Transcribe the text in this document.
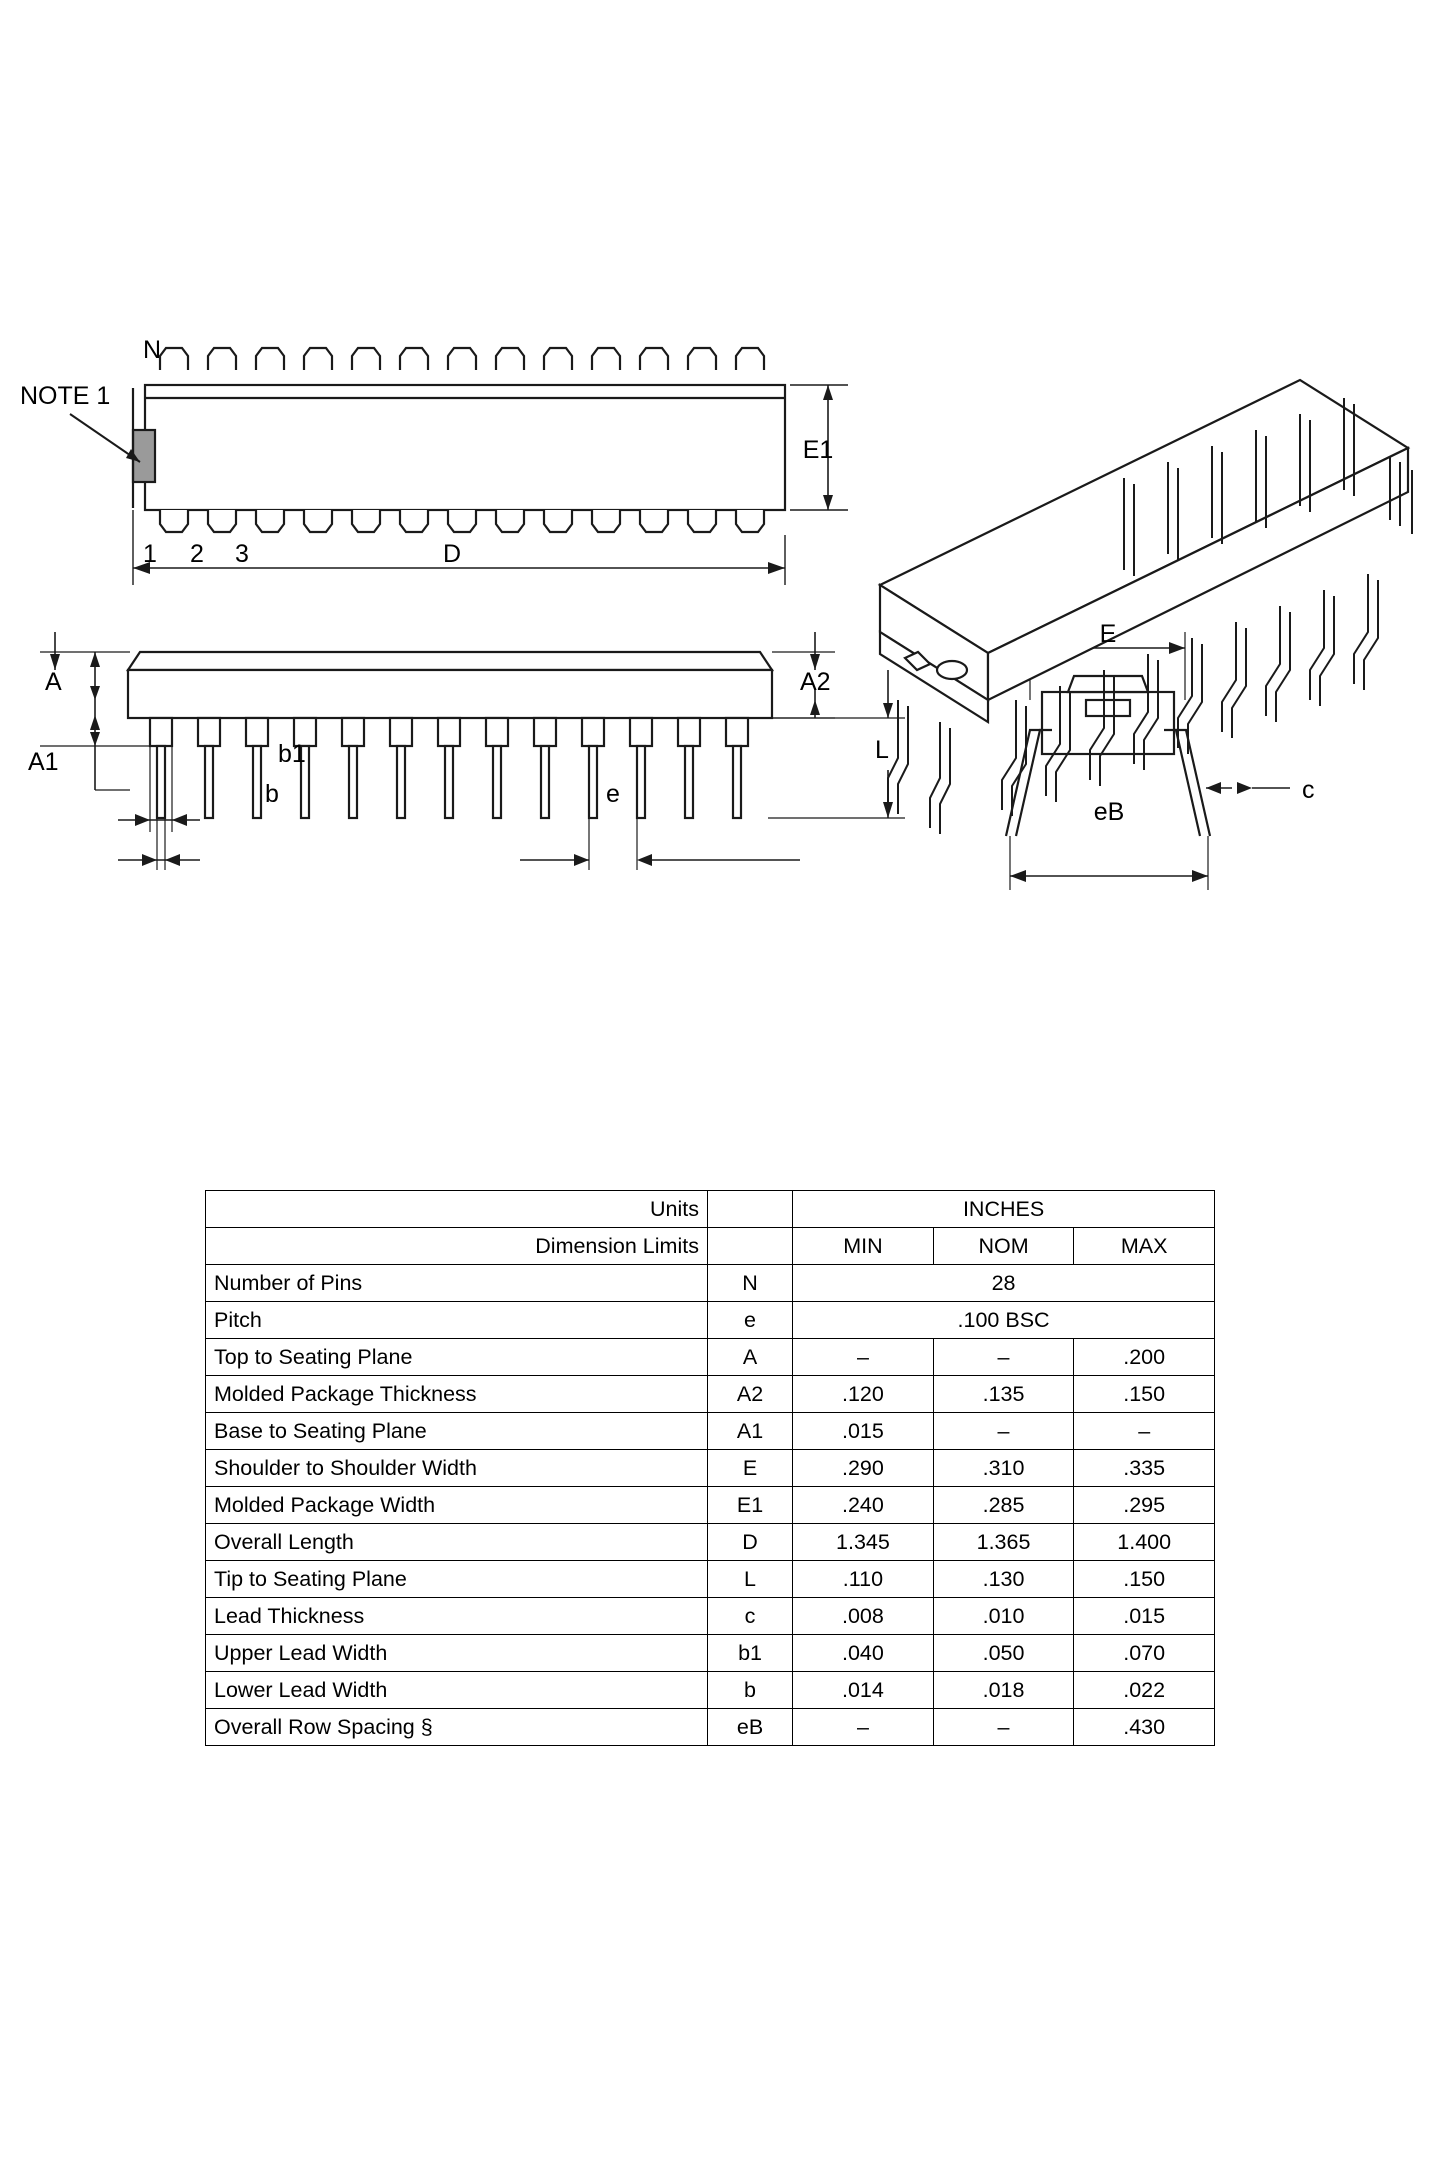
N
NOTE 1
1 2 3
E1
D
A
A1
A2
L
b1
b	e
E
c
eB
Units		INCHES		
Dimension Limits		MIN	NOM	MAX
Number of Pins	N	28		
Pitch	e	.100 BSC		
Top to Seating Plane	A	–	–	.200
Molded Package Thickness	A2	.120	.135	.150
Base to Seating Plane	A1	.015	–	–
Shoulder to Shoulder Width	E	.290	.310	.335
Molded Package Width	E1	.240	.285	.295
Overall Length	D	1.345	1.365	1.400
Tip to Seating Plane	L	.110	.130	.150
Lead Thickness	c	.008	.010	.015
Upper Lead Width	b1	.040	.050	.070
Lower Lead Width	b	.014	.018	.022
Overall Row Spacing §	eB	–	–	.430
